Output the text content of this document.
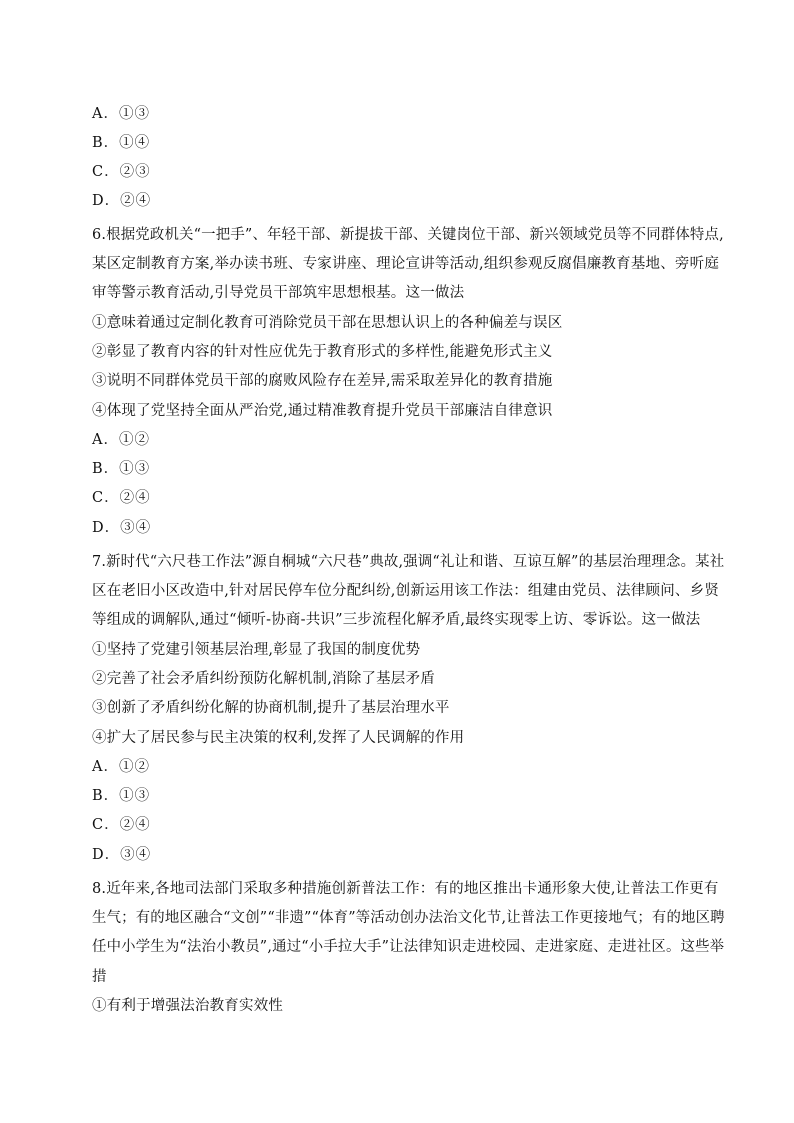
A．①③
B．①④
C．②③
D．②④
6.根据党政机关“一把手”、年轻干部、新提拔干部、关键岗位干部、新兴领域党员等不同群体特点,
某区定制教育方案,举办读书班、专家讲座、理论宣讲等活动,组织参观反腐倡廉教育基地、旁听庭
审等警示教育活动,引导党员干部筑牢思想根基。这一做法
①意味着通过定制化教育可消除党员干部在思想认识上的各种偏差与误区
②彰显了教育内容的针对性应优先于教育形式的多样性,能避免形式主义
③说明不同群体党员干部的腐败风险存在差异,需采取差异化的教育措施
④体现了党坚持全面从严治党,通过精准教育提升党员干部廉洁自律意识
A．①②
B．①③
C．②④
D．③④
7.新时代“六尺巷工作法”源自桐城“六尺巷”典故,强调“礼让和谐、互谅互解”的基层治理理念。某社
区在老旧小区改造中,针对居民停车位分配纠纷,创新运用该工作法：组建由党员、法律顾问、乡贤
等组成的调解队,通过“倾听-协商-共识”三步流程化解矛盾,最终实现零上访、零诉讼。这一做法
①坚持了党建引领基层治理,彰显了我国的制度优势
②完善了社会矛盾纠纷预防化解机制,消除了基层矛盾
③创新了矛盾纠纷化解的协商机制,提升了基层治理水平
④扩大了居民参与民主决策的权利,发挥了人民调解的作用
A．①②
B．①③
C．②④
D．③④
8.近年来,各地司法部门采取多种措施创新普法工作：有的地区推出卡通形象大使,让普法工作更有
生气；有的地区融合“文创”“非遗”“体育”等活动创办法治文化节,让普法工作更接地气；有的地区聘
任中小学生为“法治小教员”,通过“小手拉大手”让法律知识走进校园、走进家庭、走进社区。这些举
措
①有利于增强法治教育实效性
